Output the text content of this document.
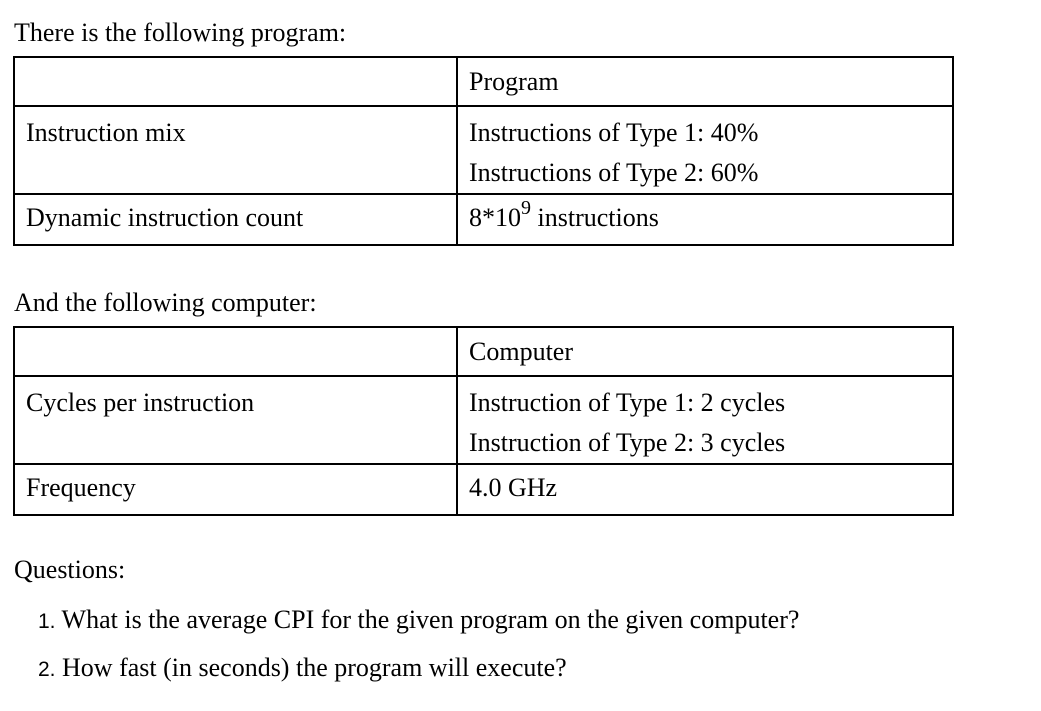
There is the following program:

	Program

Instruction mix	Instructions of Type 1: 40%
Instructions of Type 2: 60%

Dynamic instruction count	$8*10^9$ instructions
And the following computer:

	Computer

Cycles per instruction	Instruction of Type 1: 2 cycles
Instruction of Type 2: 3 cycles

Frequency	4.0 GHz
Questions:
1. What is the average CPI for the given program on the given computer?
2. How fast (in seconds) the program will execute?
